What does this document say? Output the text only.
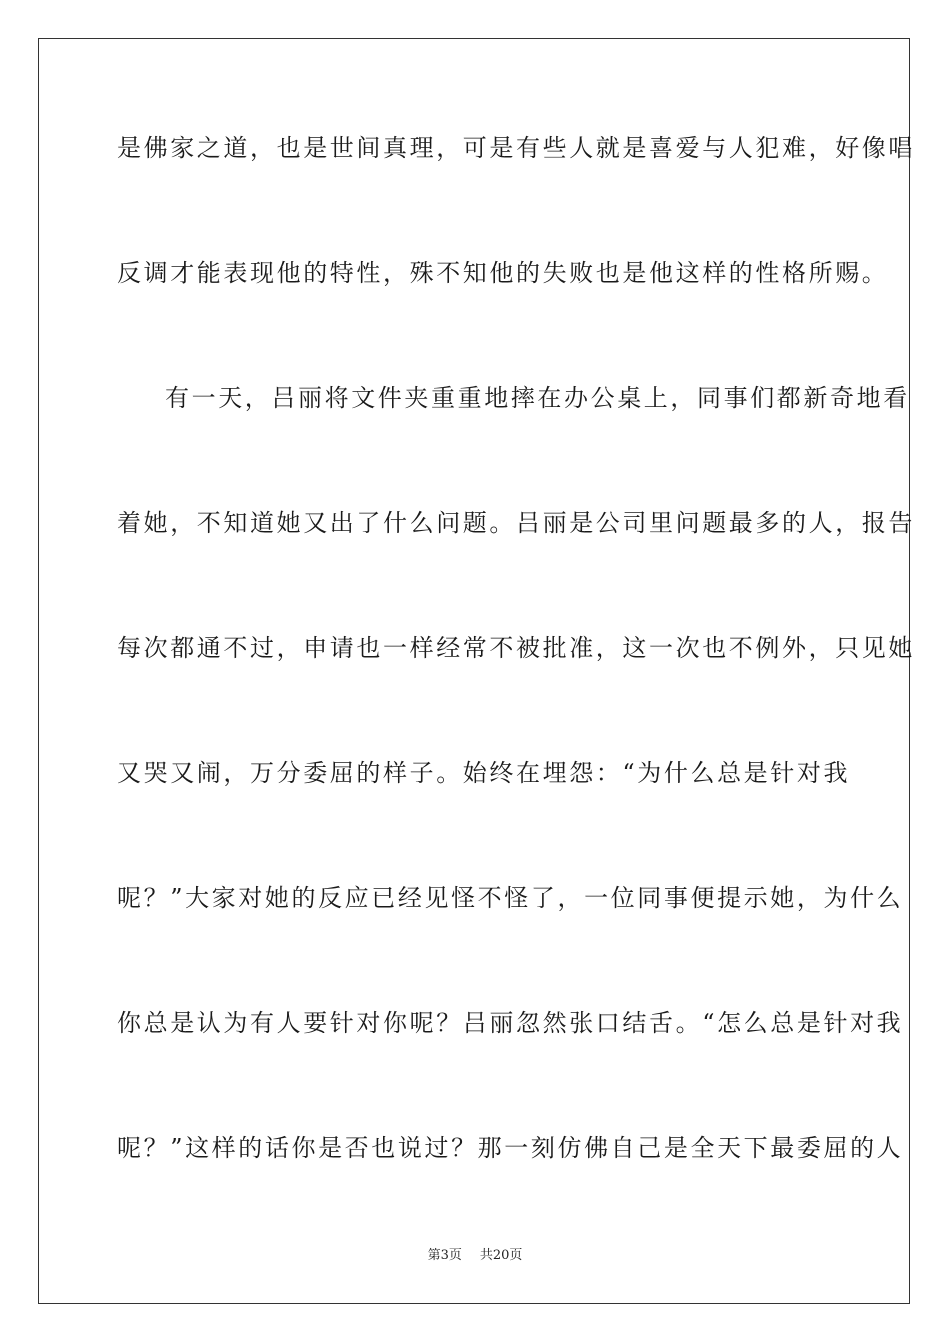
是佛家之道，也是世间真理，可是有些人就是喜爱与人犯难，好像唱
反调才能表现他的特性，殊不知他的失败也是他这样的性格所赐。
有一天，吕丽将文件夹重重地摔在办公桌上，同事们都新奇地看
着她，不知道她又出了什么问题。吕丽是公司里问题最多的人，报告
每次都通不过，申请也一样经常不被批准，这一次也不例外，只见她
又哭又闹，万分委屈的样子。始终在埋怨：“为什么总是针对我
呢？”大家对她的反应已经见怪不怪了，一位同事便提示她，为什么
你总是认为有人要针对你呢？吕丽忽然张口结舌。“怎么总是针对我
呢？”这样的话你是否也说过？那一刻仿佛自己是全天下最委屈的人
第3页 共20页
